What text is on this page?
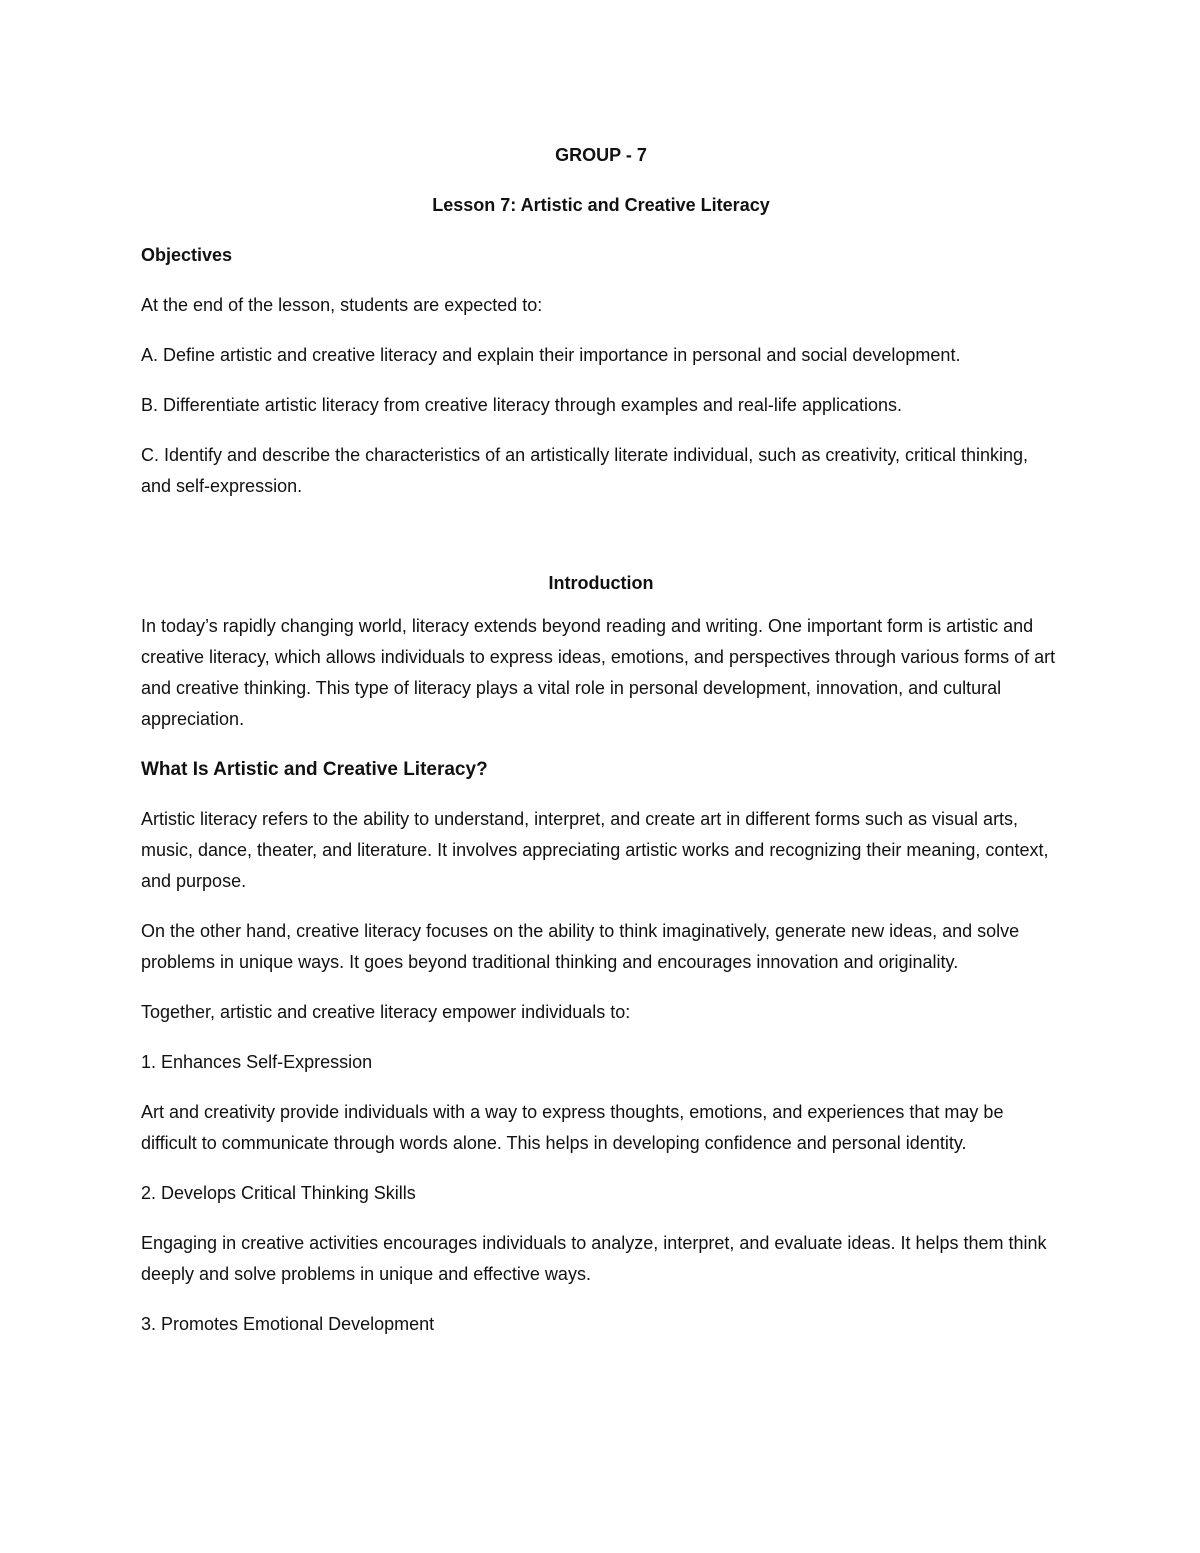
GROUP - 7

Lesson 7: Artistic and Creative Literacy

Objectives

At the end of the lesson, students are expected to:

A. Define artistic and creative literacy and explain their importance in personal and social development.

B. Differentiate artistic literacy from creative literacy through examples and real-life applications.

C. Identify and describe the characteristics of an artistically literate individual, such as creativity, critical thinking, and self-expression.

Introduction

In today’s rapidly changing world, literacy extends beyond reading and writing. One important form is artistic and creative literacy, which allows individuals to express ideas, emotions, and perspectives through various forms of art and creative thinking. This type of literacy plays a vital role in personal development, innovation, and cultural appreciation.

What Is Artistic and Creative Literacy?

Artistic literacy refers to the ability to understand, interpret, and create art in different forms such as visual arts, music, dance, theater, and literature. It involves appreciating artistic works and recognizing their meaning, context, and purpose.

On the other hand, creative literacy focuses on the ability to think imaginatively, generate new ideas, and solve problems in unique ways. It goes beyond traditional thinking and encourages innovation and originality.

Together, artistic and creative literacy empower individuals to:

1. Enhances Self-Expression

Art and creativity provide individuals with a way to express thoughts, emotions, and experiences that may be difficult to communicate through words alone. This helps in developing confidence and personal identity.

2. Develops Critical Thinking Skills

Engaging in creative activities encourages individuals to analyze, interpret, and evaluate ideas. It helps them think deeply and solve problems in unique and effective ways.

3. Promotes Emotional Development
